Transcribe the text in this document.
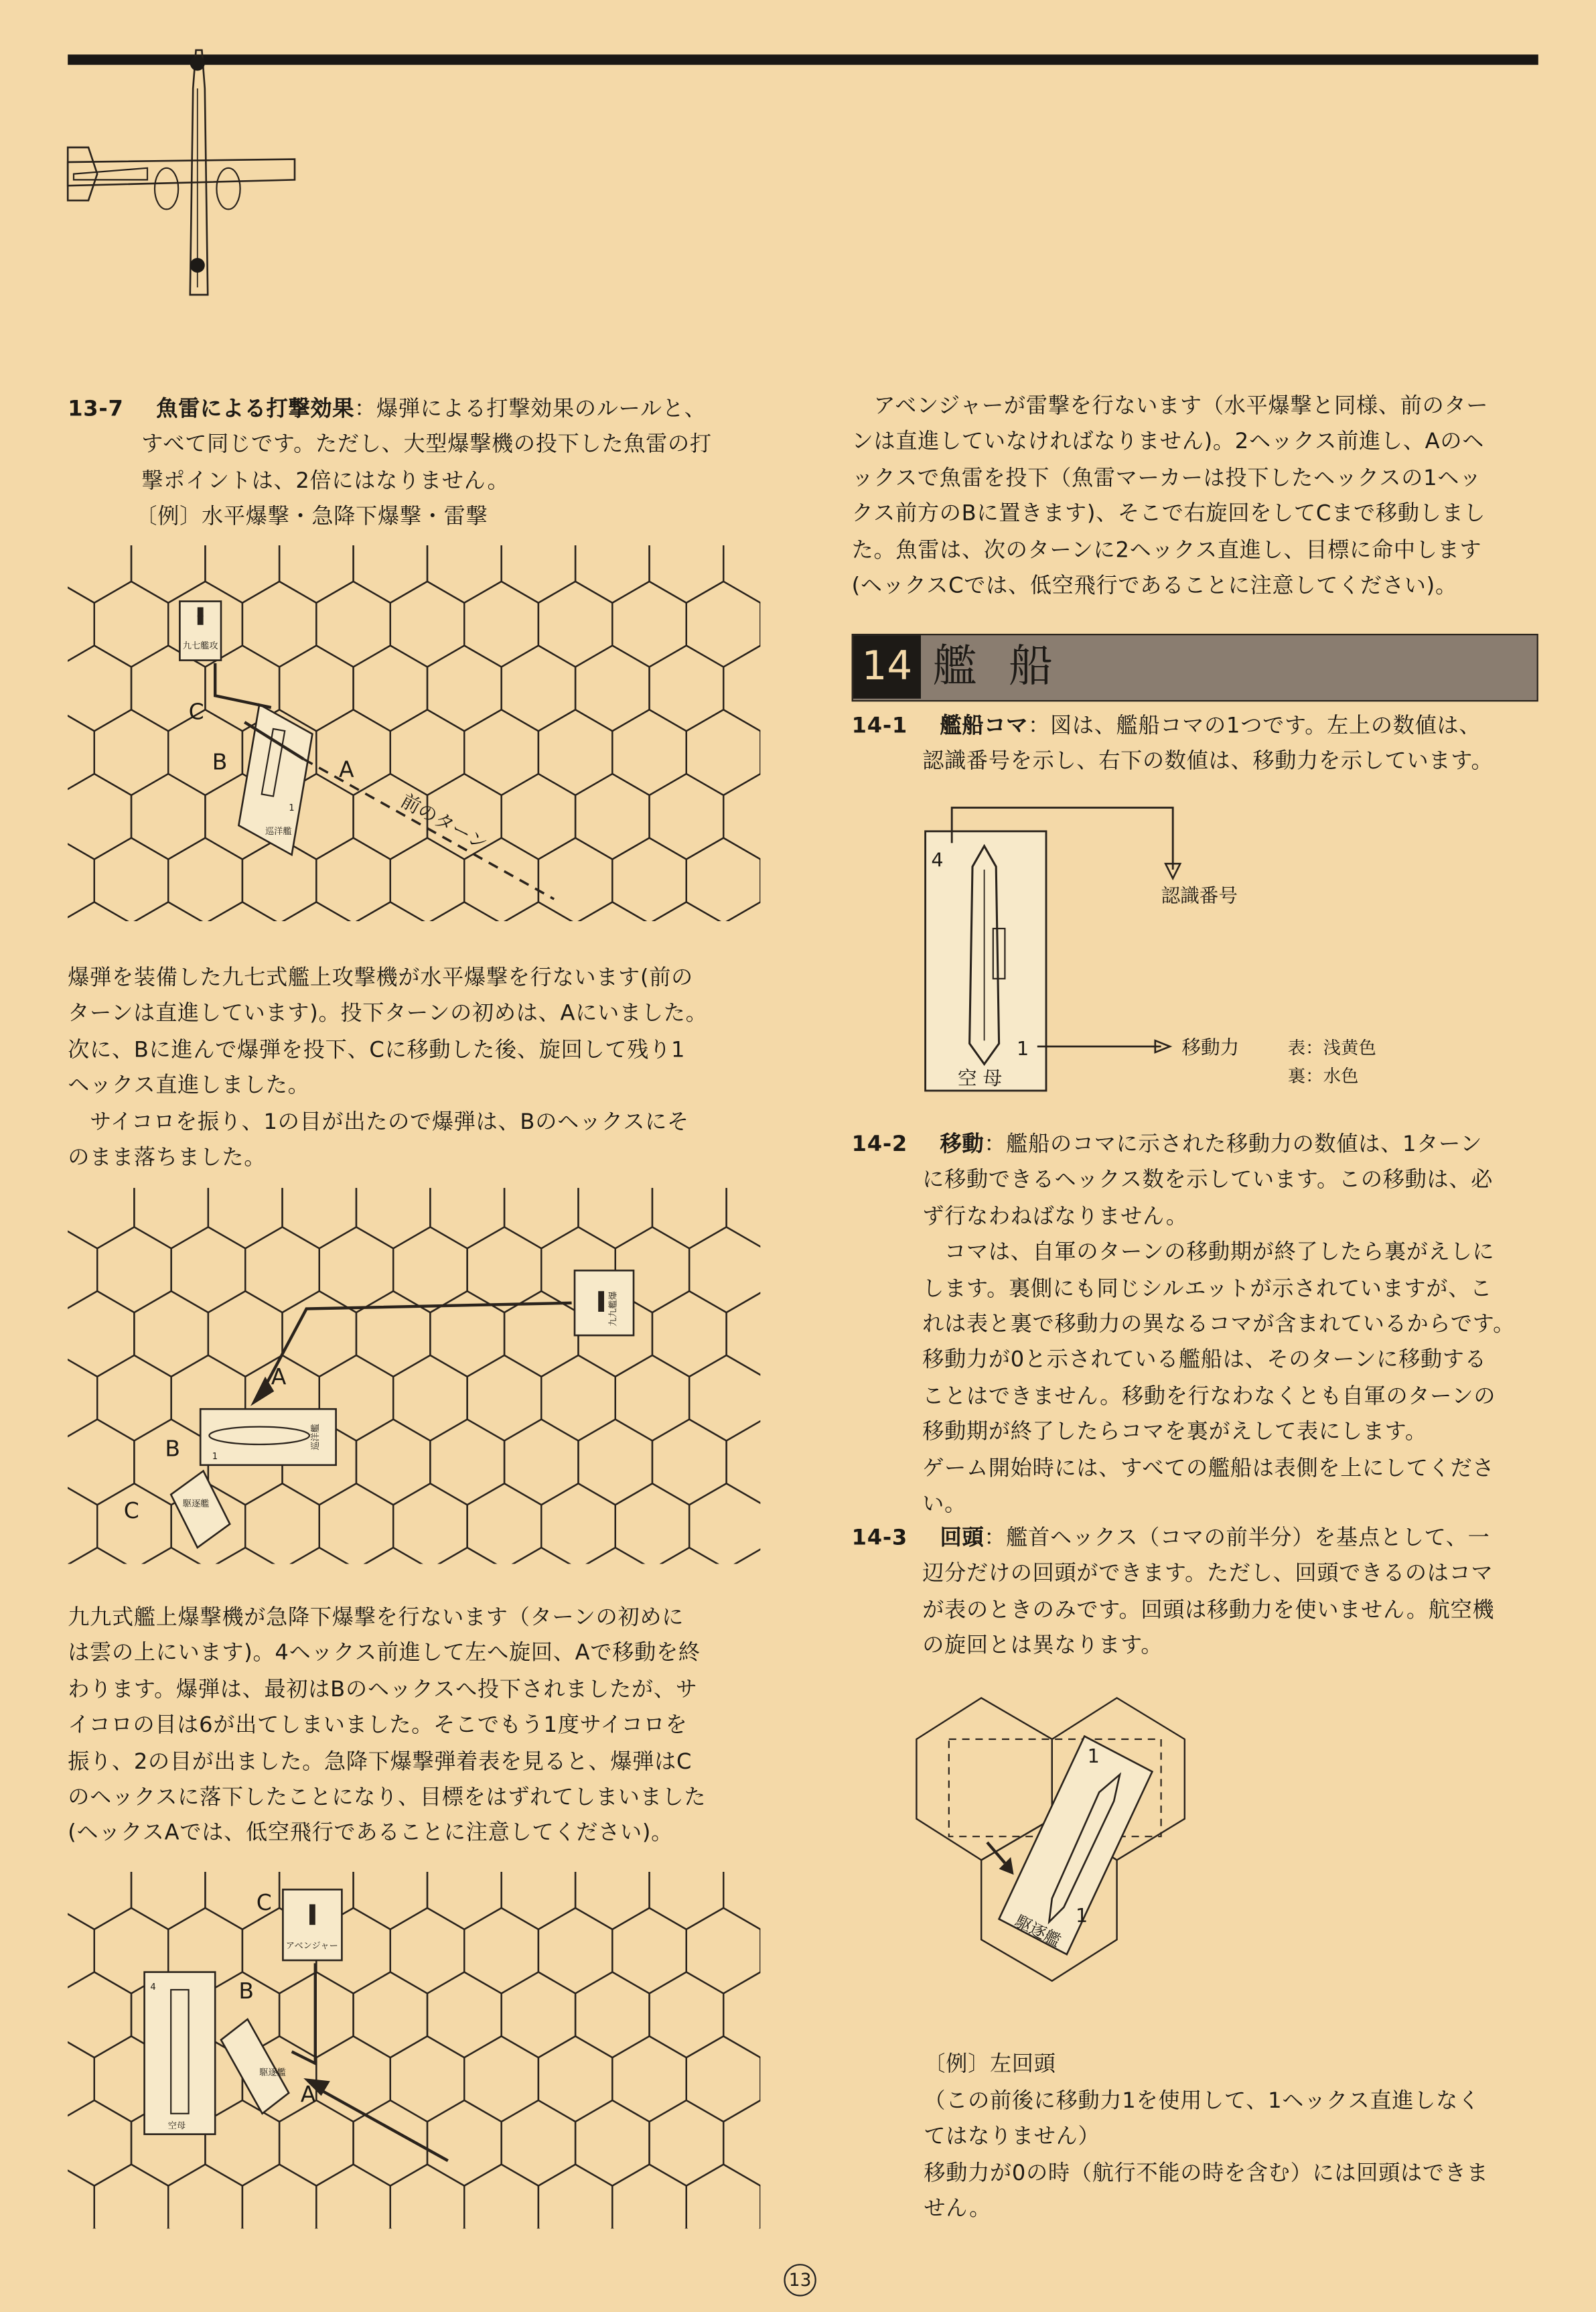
13-7	魚雷による打撃効果：爆弾による打撃効果のルールと、
すべて同じです。ただし、大型爆撃機の投下した魚雷の打
撃ポイントは、2倍にはなりません。
〔例〕水平爆撃・急降下爆撃・雷撃
九七艦攻
巡洋艦
1
C
B	A
前のターン
爆弾を装備した九七式艦上攻撃機が水平爆撃を行ないます(前の
ターンは直進しています)。投下ターンの初めは、Aにいました。
次に、Bに進んで爆弾を投下、Cに移動した後、旋回して残り1
ヘックス直進しました。
　サイコロを振り、1の目が出たので爆弾は、Bのヘックスにそ
のまま落ちました。
九九艦爆
1
巡洋艦
駆逐艦
A
B
C
九九式艦上爆撃機が急降下爆撃を行ないます（ターンの初めに
は雲の上にいます)。4ヘックス前進して左へ旋回、Aで移動を終
わります。爆弾は、最初はBのヘックスへ投下されましたが、サ
イコロの目は6が出てしまいました。そこでもう1度サイコロを
振り、2の目が出ました。急降下爆撃弾着表を見ると、爆弾はC
のヘックスに落下したことになり、目標をはずれてしまいました
(ヘックスAでは、低空飛行であることに注意してください)。
アベンジャー
4
空母
駆逐艦
C
B
A
　アベンジャーが雷撃を行ないます（水平爆撃と同様、前のター
ンは直進していなければなりません)。2ヘックス前進し、Aのヘ
ックスで魚雷を投下（魚雷マーカーは投下したヘックスの1ヘッ
クス前方のBに置きます)、そこで右旋回をしてCまで移動しまし
た。魚雷は、次のターンに2ヘックス直進し、目標に命中します
(ヘックスCでは、低空飛行であることに注意してください)。
14	艦 船
14-1	艦船コマ：図は、艦船コマの1つです。左上の数値は、
認識番号を示し、右下の数値は、移動力を示しています。
4
1
空 母
認識番号
移動力	表：浅黄色
裏：水色
14-2	移動：艦船のコマに示された移動力の数値は、1ターン
に移動できるヘックス数を示しています。この移動は、必
ず行なわねばなりません。
　コマは、自軍のターンの移動期が終了したら裏がえしに
します。裏側にも同じシルエットが示されていますが、こ
れは表と裏で移動力の異なるコマが含まれているからです。
移動力が0と示されている艦船は、そのターンに移動する
ことはできません。移動を行なわなくとも自軍のターンの
移動期が終了したらコマを裏がえして表にします。
ゲーム開始時には、すべての艦船は表側を上にしてくださ
い。
14-3	回頭：艦首ヘックス（コマの前半分）を基点として、一
辺分だけの回頭ができます。ただし、回頭できるのはコマ
が表のときのみです。回頭は移動力を使いません。航空機
の旋回とは異なります。
1
1
駆逐艦
〔例〕左回頭
（この前後に移動力1を使用して、1ヘックス直進しなく
てはなりません）
移動力が0の時（航行不能の時を含む）には回頭はできま
せん。
13
